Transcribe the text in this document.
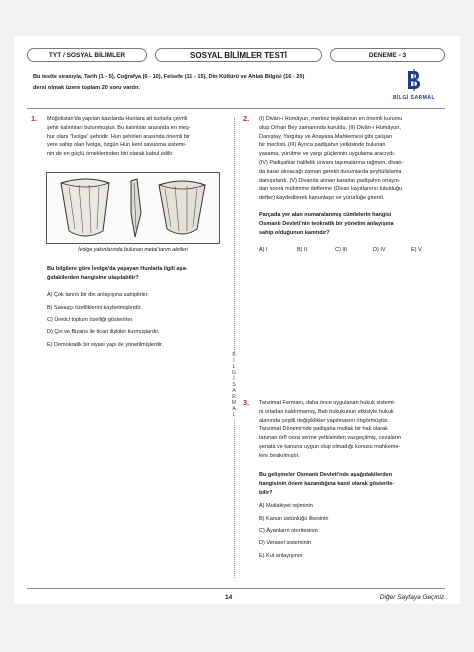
TYT / SOSYAL BİLİMLER	SOSYAL BİLİMLER TESTİ	DENEME - 3
Bu testte sırasıyla, Tarih (1 - 5), Coğrafya (6 - 10), Felsefe (11 - 15), Din Kültürü ve Ahlak Bilgisi (16 - 20)
dersi olmak üzere toplam 20 soru vardır.
BİLGİ SARMAL
B
İ
L
G
İ
S
A
R
M
A
L
1. Moğolistan'da yapılan kazılarda Hunlara ait surlarla çevrili
şehir kalıntıları bulunmuştur. Bu kalıntılar arasında en meş-
hur olanı "İvolga" şehridir. Hun şehirleri arasında önemli bir
yere sahip olan İvolga, özgün Hun kent savunma sistemi-
nin de en güçlü örneklerinden biri olarak kabul edilir.
İvolga yakınlarında bulunan metal tarım aletleri
Bu bilgilere göre İvolga'da yaşayan Hunlarla ilgili aşa-
ğıdakilerden hangisine ulaşılabilir?
A) Çok tanrılı bir din anlayışına sahiptirler.
B) Savaşçı özelliklerini kaybetmişlerdir.
C) Üretici toplum özelliği gösterirler.
D) Çin ve Bizans ile ticari ilişkiler kurmuşlardır.
E) Demokratik bir siyasi yapı ile yönetilmişlerdir.
2. (I) Divân-ı Hümâyun, merkez teşkilatının en önemli kurumu
olup Orhan Bey zamanında kuruldu. (II) Divân-ı Hümâyun,
Danıştay, Yargıtay ve Anayasa Mahkemesi gibi çalışan
bir meclisti. (III) Ayrıca padişahın yetkisinde bulunan
yasama, yürütme ve yargı güçlerinin uygulama aracıydı.
(IV) Padişahlar halifelik unvanı taşımalarına rağmen, divan-
da karar alınacağı zaman gerekli durumlarda şeyhülislama
danışırlardı. (V) Divanda alınan kararlar padişahın onayın-
dan sonra mühimme defterine (Divan kayıtlarının tutulduğu
defter) kaydedilerek kanunlaşır ve yürürlüğe girerdi.
Parçada yer alan numaralanmış cümlelerin hangisi
Osmanlı Devleti'nin teokratik bir yönetim anlayışına
sahip olduğunun kanıtıdır?
A) I	B) II	C) III	D) IV	E) V
3. Tanzimat Fermanı, daha önce uygulanan hukuk sistemi-
ni ortadan kaldırmamış, Batı hukukunun etkisiyle hukuk
alanında çeşitli değişiklikler yapılmasını öngörmüştür.
Tanzimat Dönemi'nde padişaha mutlak bir hak olarak
tanınan örfî ceza verme yetkisinden vazgeçilmiş, cezaların
şeriata ve kanuna uygun olup olmadığı konusu mahkeme-
lere bırakılmıştır.
Bu gelişmeler Osmanlı Devleti'nde aşağıdakilerden
hangisinin önem kazandığına kanıt olarak gösterile-
bilir?
A) Mutlakiyet rejiminin
B) Kanun üstünlüğü ilkesinin
C) Âyanların otoritesinin
D) Veraset sisteminin
E) Kut anlayışının
14	Diğer Sayfaya Geçiniz.
